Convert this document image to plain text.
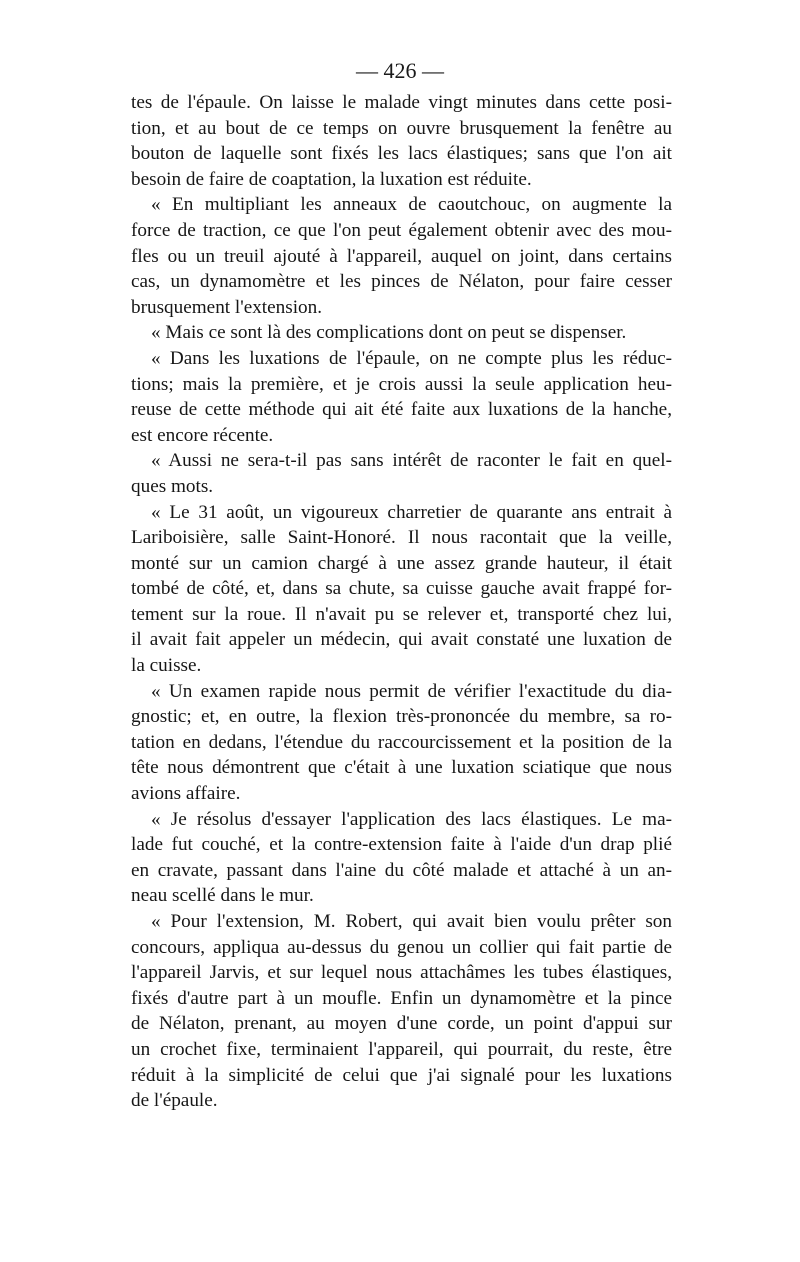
— 426 —
tes de l'épaule. On laisse le malade vingt minutes dans cette posi-
tion, et au bout de ce temps on ouvre brusquement la fenêtre au
bouton de laquelle sont fixés les lacs élastiques; sans que l'on ait
besoin de faire de coaptation, la luxation est réduite.
« En multipliant les anneaux de caoutchouc, on augmente la
force de traction, ce que l'on peut également obtenir avec des mou-
fles ou un treuil ajouté à l'appareil, auquel on joint, dans certains
cas, un dynamomètre et les pinces de Nélaton, pour faire cesser
brusquement l'extension.
« Mais ce sont là des complications dont on peut se dispenser.
« Dans les luxations de l'épaule, on ne compte plus les réduc-
tions; mais la première, et je crois aussi la seule application heu-
reuse de cette méthode qui ait été faite aux luxations de la hanche,
est encore récente.
« Aussi ne sera-t-il pas sans intérêt de raconter le fait en quel-
ques mots.
« Le 31 août, un vigoureux charretier de quarante ans entrait à
Lariboisière, salle Saint-Honoré. Il nous racontait que la veille,
monté sur un camion chargé à une assez grande hauteur, il était
tombé de côté, et, dans sa chute, sa cuisse gauche avait frappé for-
tement sur la roue. Il n'avait pu se relever et, transporté chez lui,
il avait fait appeler un médecin, qui avait constaté une luxation de
la cuisse.
« Un examen rapide nous permit de vérifier l'exactitude du dia-
gnostic; et, en outre, la flexion très-prononcée du membre, sa ro-
tation en dedans, l'étendue du raccourcissement et la position de la
tête nous démontrent que c'était à une luxation sciatique que nous
avions affaire.
« Je résolus d'essayer l'application des lacs élastiques. Le ma-
lade fut couché, et la contre-extension faite à l'aide d'un drap plié
en cravate, passant dans l'aine du côté malade et attaché à un an-
neau scellé dans le mur.
« Pour l'extension, M. Robert, qui avait bien voulu prêter son
concours, appliqua au-dessus du genou un collier qui fait partie de
l'appareil Jarvis, et sur lequel nous attachâmes les tubes élastiques,
fixés d'autre part à un moufle. Enfin un dynamomètre et la pince
de Nélaton, prenant, au moyen d'une corde, un point d'appui sur
un crochet fixe, terminaient l'appareil, qui pourrait, du reste, être
réduit à la simplicité de celui que j'ai signalé pour les luxations
de l'épaule.
